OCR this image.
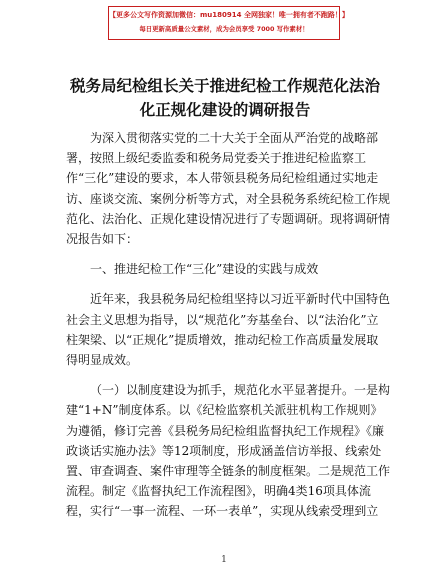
【更多公文写作资源加微信：mu180914 全网独家！唯一拥有者不跑路！】
每日更新高质量公文素材，成为会员享受 7000 写作素材！
税务局纪检组长关于推进纪检工作规范化法治
化正规化建设的调研报告
为深入贯彻落实党的二十大关于全面从严治党的战略部
署，按照上级纪委监委和税务局党委关于推进纪检监察工
作“三化”建设的要求，本人带领县税务局纪检组通过实地走
访、座谈交流、案例分析等方式，对全县税务系统纪检工作规
范化、法治化、正规化建设情况进行了专题调研。现将调研情
况报告如下：
一、推进纪检工作“三化”建设的实践与成效
近年来，我县税务局纪检组坚持以习近平新时代中国特色
社会主义思想为指导，以“规范化”夯基垒台、以“法治化”立
柱架梁、以“正规化”提质增效，推动纪检工作高质量发展取
得明显成效。
（一）以制度建设为抓手，规范化水平显著提升。一是构
建“1+N”制度体系。以《纪检监察机关派驻机构工作规则》
为遵循，修订完善《县税务局纪检组监督执纪工作规程》《廉
政谈话实施办法》等12项制度，形成涵盖信访举报、线索处
置、审查调查、案件审理等全链条的制度框架。二是规范工作
流程。制定《监督执纪工作流程图》，明确4类16项具体流
程，实行“一事一流程、一环一表单”，实现从线索受理到立
1
